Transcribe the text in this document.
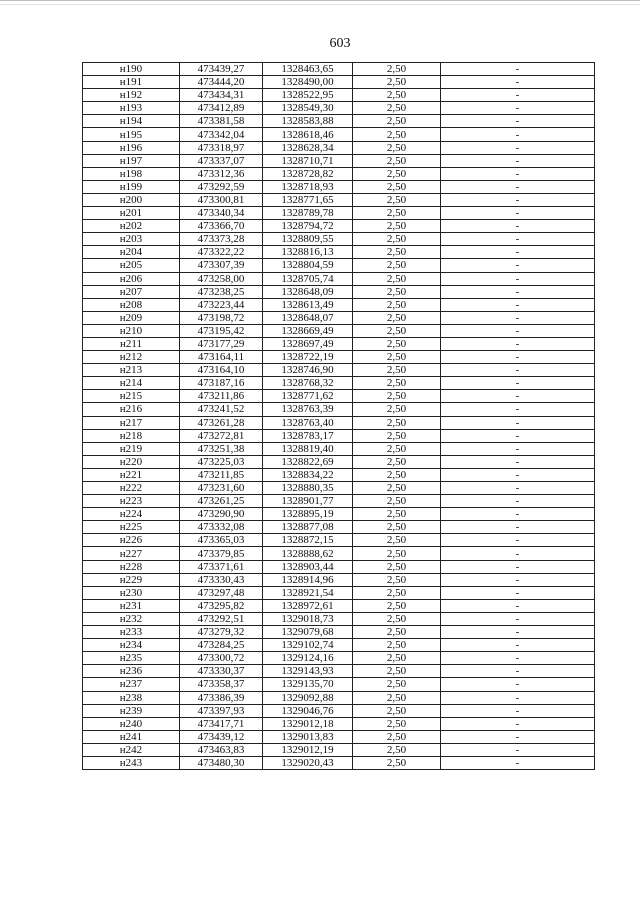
603
н190	473439,27	1328463,65	2,50	-
н191	473444,20	1328490,00	2,50	-
н192	473434,31	1328522,95	2,50	-
н193	473412,89	1328549,30	2,50	-
н194	473381,58	1328583,88	2,50	-
н195	473342,04	1328618,46	2,50	-
н196	473318,97	1328628,34	2,50	-
н197	473337,07	1328710,71	2,50	-
н198	473312,36	1328728,82	2,50	-
н199	473292,59	1328718,93	2,50	-
н200	473300,81	1328771,65	2,50	-
н201	473340,34	1328789,78	2,50	-
н202	473366,70	1328794,72	2,50	-
н203	473373,28	1328809,55	2,50	-
н204	473322,22	1328816,13	2,50	-
н205	473307,39	1328804,59	2,50	-
н206	473258,00	1328705,74	2,50	-
н207	473238,25	1328648,09	2,50	-
н208	473223,44	1328613,49	2,50	-
н209	473198,72	1328648,07	2,50	-
н210	473195,42	1328669,49	2,50	-
н211	473177,29	1328697,49	2,50	-
н212	473164,11	1328722,19	2,50	-
н213	473164,10	1328746,90	2,50	-
н214	473187,16	1328768,32	2,50	-
н215	473211,86	1328771,62	2,50	-
н216	473241,52	1328763,39	2,50	-
н217	473261,28	1328763,40	2,50	-
н218	473272,81	1328783,17	2,50	-
н219	473251,38	1328819,40	2,50	-
н220	473225,03	1328822,69	2,50	-
н221	473211,85	1328834,22	2,50	-
н222	473231,60	1328880,35	2,50	-
н223	473261,25	1328901,77	2,50	-
н224	473290,90	1328895,19	2,50	-
н225	473332,08	1328877,08	2,50	-
н226	473365,03	1328872,15	2,50	-
н227	473379,85	1328888,62	2,50	-
н228	473371,61	1328903,44	2,50	-
н229	473330,43	1328914,96	2,50	-
н230	473297,48	1328921,54	2,50	-
н231	473295,82	1328972,61	2,50	-
н232	473292,51	1329018,73	2,50	-
н233	473279,32	1329079,68	2,50	-
н234	473284,25	1329102,74	2,50	-
н235	473300,72	1329124,16	2,50	-
н236	473330,37	1329143,93	2,50	-
н237	473358,37	1329135,70	2,50	-
н238	473386,39	1329092,88	2,50	-
н239	473397,93	1329046,76	2,50	-
н240	473417,71	1329012,18	2,50	-
н241	473439,12	1329013,83	2,50	-
н242	473463,83	1329012,19	2,50	-
н243	473480,30	1329020,43	2,50	-
